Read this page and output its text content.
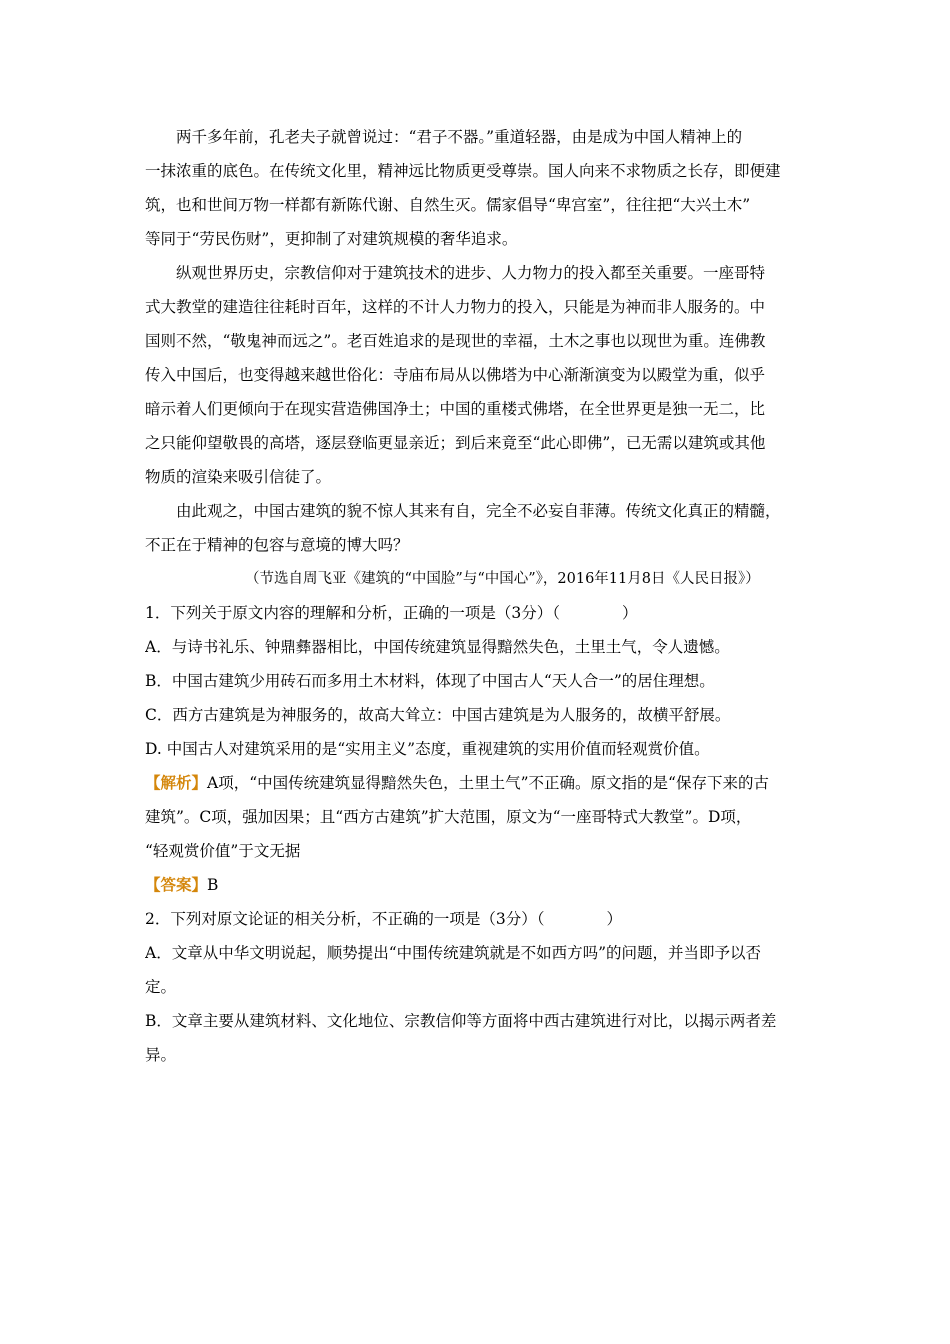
两千多年前，孔老夫子就曾说过：“君子不器。”重道轻器，由是成为中国人精神上的
一抹浓重的底色。在传统文化里，精神远比物质更受尊崇。国人向来不求物质之长存，即便建
筑，也和世间万物一样都有新陈代谢、自然生灭。儒家倡导“卑宫室”，往往把“大兴土木”
等同于“劳民伤财”，更抑制了对建筑规模的奢华追求。
纵观世界历史，宗教信仰对于建筑技术的进步、人力物力的投入都至关重要。一座哥特
式大教堂的建造往往耗时百年，这样的不计人力物力的投入，只能是为神而非人服务的。中
国则不然，“敬鬼神而远之”。老百姓追求的是现世的幸福，土木之事也以现世为重。连佛教
传入中国后，也变得越来越世俗化：寺庙布局从以佛塔为中心渐渐演变为以殿堂为重，似乎
暗示着人们更倾向于在现实营造佛国净土；中国的重楼式佛塔，在全世界更是独一无二，比
之只能仰望敬畏的高塔，逐层登临更显亲近；到后来竟至“此心即佛”，已无需以建筑或其他
物质的渲染来吸引信徒了。
由此观之，中国古建筑的貌不惊人其来有自，完全不必妄自菲薄。传统文化真正的精髓，
不正在于精神的包容与意境的博大吗？
（节选自周飞亚《建筑的“中国脸”与“中国心”》，2016年11月8日《人民日报》）
1．下列关于原文内容的理解和分析，正确的一项是（3分）（　　　　）
A．与诗书礼乐、钟鼎彝器相比，中国传统建筑显得黯然失色，土里土气，令人遗憾。
B．中国古建筑少用砖石而多用土木材料，体现了中国古人“天人合一”的居住理想。
C．西方古建筑是为神服务的，故高大耸立：中国古建筑是为人服务的，故横平舒展。
D. 中国古人对建筑采用的是“实用主义”态度，重视建筑的实用价值而轻观赏价值。
【解析】A项，“中国传统建筑显得黯然失色，土里土气”不正确。原文指的是“保存下来的古
建筑”。C项，强加因果；且“西方古建筑”扩大范围，原文为“一座哥特式大教堂”。D项，
“轻观赏价值”于文无据
【答案】B
2．下列对原文论证的相关分析，不正确的一项是（3分）（　　　　）
A．文章从中华文明说起，顺势提出“中围传统建筑就是不如西方吗”的问题，并当即予以否
定。
B．文章主要从建筑材料、文化地位、宗教信仰等方面将中西古建筑进行对比，以揭示两者差
异。
